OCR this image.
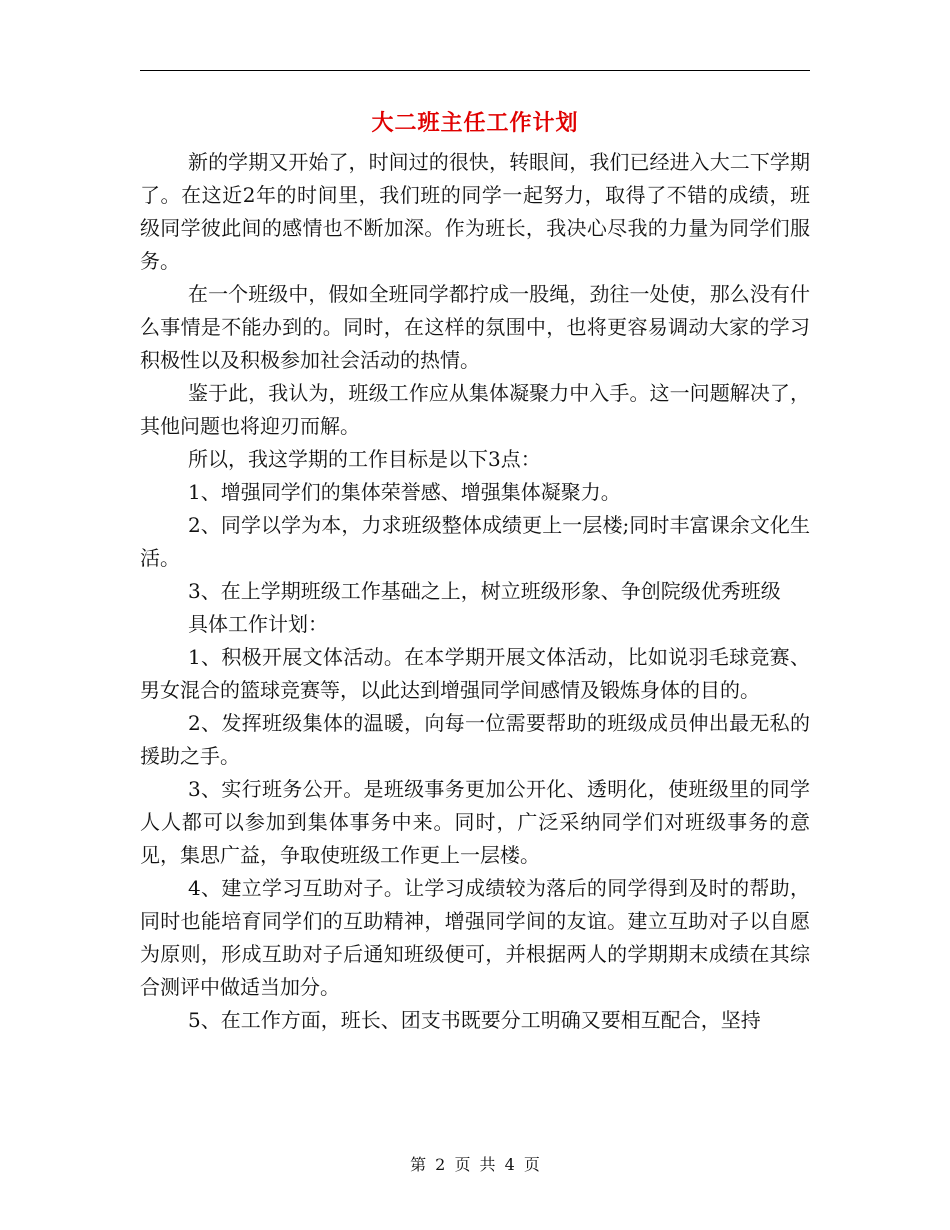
大二班主任工作计划

新的学期又开始了，时间过的很快，转眼间，我们已经进入大二下学期了。在这近2年的时间里，我们班的同学一起努力，取得了不错的成绩，班级同学彼此间的感情也不断加深。作为班长，我决心尽我的力量为同学们服务。

在一个班级中，假如全班同学都拧成一股绳，劲往一处使，那么没有什么事情是不能办到的。同时，在这样的氛围中，也将更容易调动大家的学习积极性以及积极参加社会活动的热情。

鉴于此，我认为，班级工作应从集体凝聚力中入手。这一问题解决了，其他问题也将迎刃而解。

所以，我这学期的工作目标是以下3点：

1、增强同学们的集体荣誉感、增强集体凝聚力。

2、同学以学为本，力求班级整体成绩更上一层楼;同时丰富课余文化生活。

3、在上学期班级工作基础之上，树立班级形象、争创院级优秀班级

具体工作计划：

1、积极开展文体活动。在本学期开展文体活动，比如说羽毛球竞赛、男女混合的篮球竞赛等，以此达到增强同学间感情及锻炼身体的目的。

2、发挥班级集体的温暖，向每一位需要帮助的班级成员伸出最无私的援助之手。

3、实行班务公开。是班级事务更加公开化、透明化，使班级里的同学人人都可以参加到集体事务中来。同时，广泛采纳同学们对班级事务的意见，集思广益，争取使班级工作更上一层楼。

4、建立学习互助对子。让学习成绩较为落后的同学得到及时的帮助，同时也能培育同学们的互助精神，增强同学间的友谊。建立互助对子以自愿为原则，形成互助对子后通知班级便可，并根据两人的学期期末成绩在其综合测评中做适当加分。

5、在工作方面，班长、团支书既要分工明确又要相互配合，坚持

第 2 页 共 4 页
